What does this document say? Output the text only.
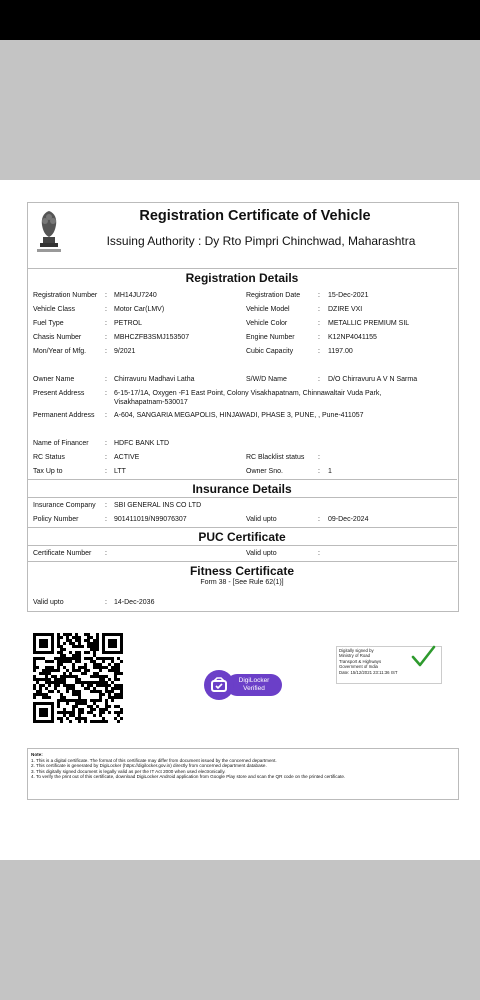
Registration Certificate of Vehicle
Issuing Authority : Dy Rto Pimpri Chinchwad, Maharashtra
Registration Details
Registration Number : MH14JU7240	Registration Date	: 15-Dec-2021
Vehicle Class	: Motor Car(LMV)	Vehicle Model	: DZIRE VXI
Fuel Type	: PETROL	Vehicle Color	: METALLIC PREMIUM SIL
Chasis Number	: MBHCZFB3SMJ153507	Engine Number	: K12NP4041155
Mon/Year of Mfg.	: 9/2021	Cubic Capacity	: 1197.00
Owner Name	: Chirravuru Madhavi Latha	S/W/D Name	: D/O Chirravuru A V N Sarma
Present Address	: 6-15-17/1A, Oxygen -F1 East Point, Colony Visakhapatnam, Chinnawaltair Vuda Park, Visakhapatnam-530017
Permanent Address : A-604, SANGARIA MEGAPOLIS, HINJAWADI, PHASE 3, PUNE, , Pune-411057
Name of Financer : HDFC BANK LTD
RC Status	: ACTIVE	RC Blacklist status :
Tax Up to	: LTT	Owner Sno.	: 1
Insurance Details
Insurance Company : SBI GENERAL INS CO LTD
Policy Number	: 901411019/N99076307	Valid upto	: 09-Dec-2024
PUC Certificate
Certificate Number :	Valid upto	:
Fitness Certificate
Form 38 - [See Rule 62(1)]
Valid upto	: 14-Dec-2036
DigiLocker
Verified
Digitally signed by
Ministry of Road
Transport & Highways
Government of India
Date: 15/12/2021 23:11:36 IST
Note:
1. This is a digital certificate. The format of this certificate may differ from document issued by the concerned department.
2. This certificate is generated by DigiLocker (https://digilocker.gov.in) directly from concerned department database.
3. This digitally signed document is legally valid as per the IT Act 2000 when used electronically.
4. To verify the print out of this certificate, download DigiLocker Android application from Google Play store and scan the QR code on the printed certificate.
